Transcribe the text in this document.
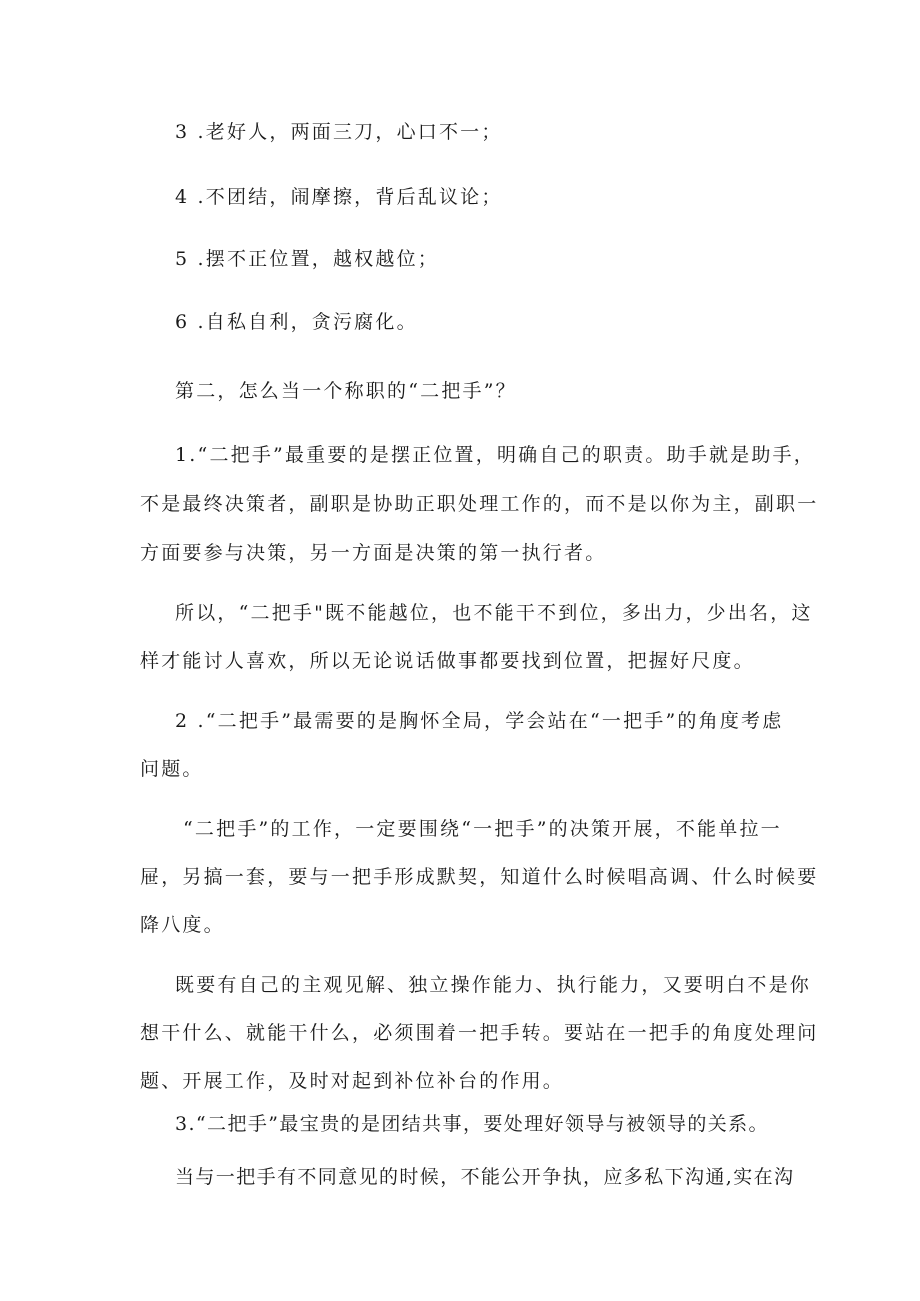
3 .老好人，两面三刀，心口不一；
4 .不团结，闹摩擦，背后乱议论；
5 .摆不正位置，越权越位；
6 .自私自利，贪污腐化。
第二，怎么当一个称职的“二把手”？
1.“二把手”最重要的是摆正位置，明确自己的职责。助手就是助手，
不是最终决策者，副职是协助正职处理工作的，而不是以你为主，副职一
方面要参与决策，另一方面是决策的第一执行者。
所以，“二把手"既不能越位，也不能干不到位，多出力，少出名，这
样才能讨人喜欢，所以无论说话做事都要找到位置，把握好尺度。
2 .“二把手”最需要的是胸怀全局，学会站在“一把手”的角度考虑
问题。
“二把手”的工作，一定要围绕“一把手”的决策开展，不能单拉一
屉，另搞一套，要与一把手形成默契，知道什么时候唱高调、什么时候要
降八度。
既要有自己的主观见解、独立操作能力、执行能力，又要明白不是你
想干什么、就能干什么，必须围着一把手转。要站在一把手的角度处理问
题、开展工作，及时对起到补位补台的作用。
3.“二把手”最宝贵的是团结共事，要处理好领导与被领导的关系。
当与一把手有不同意见的时候，不能公开争执，应多私下沟通,实在沟
